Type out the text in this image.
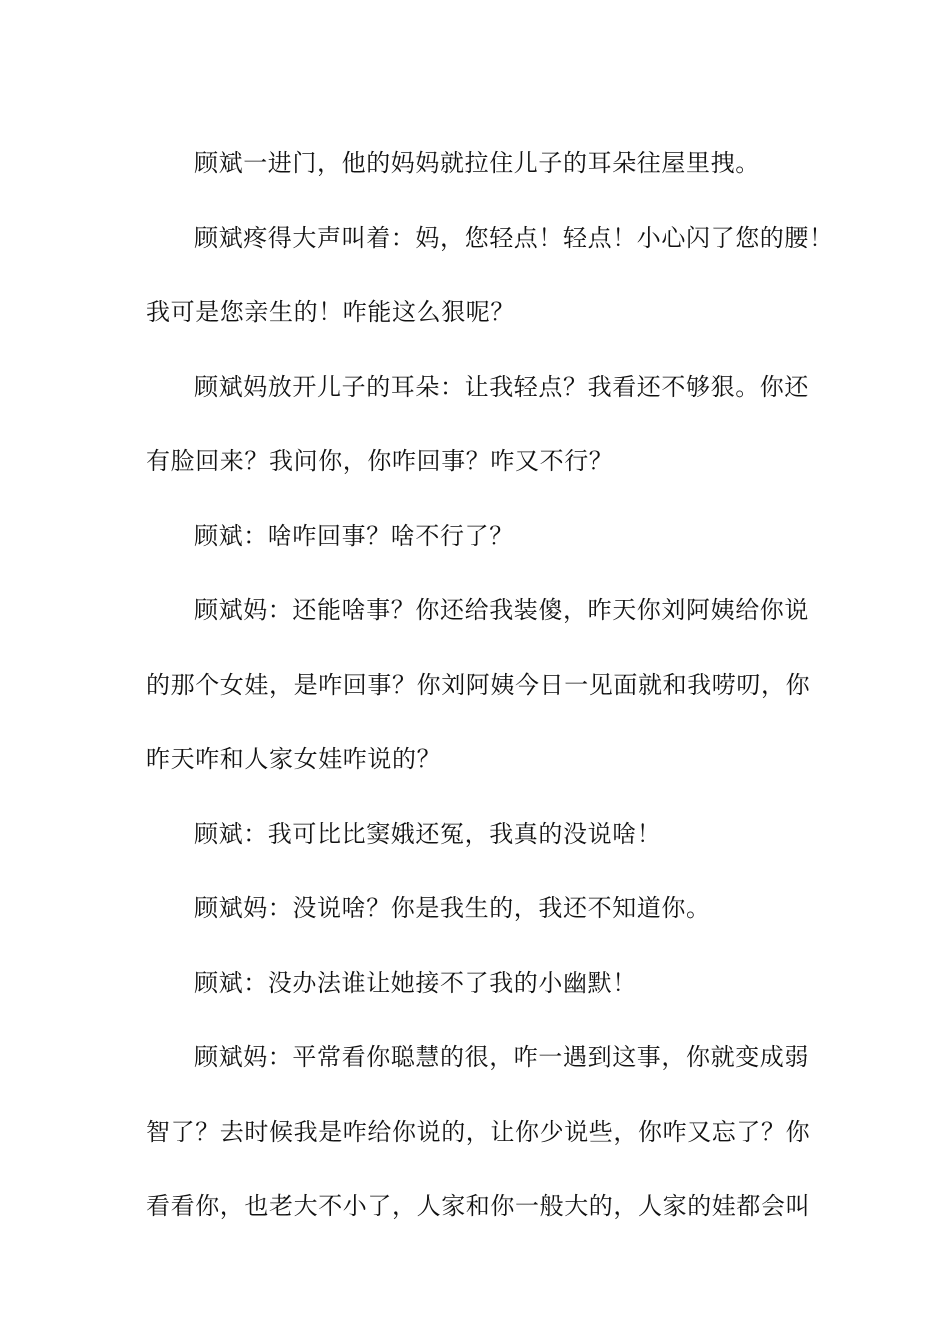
顾斌一进门，他的妈妈就拉住儿子的耳朵往屋里拽。
顾斌疼得大声叫着：妈，您轻点！轻点！小心闪了您的腰！
我可是您亲生的！咋能这么狠呢？
顾斌妈放开儿子的耳朵：让我轻点？我看还不够狠。你还
有脸回来？我问你，你咋回事？咋又不行？
顾斌：啥咋回事？啥不行了？
顾斌妈：还能啥事？你还给我装傻，昨天你刘阿姨给你说
的那个女娃，是咋回事？你刘阿姨今日一见面就和我唠叨，你
昨天咋和人家女娃咋说的？
顾斌：我可比比窦娥还冤，我真的没说啥！
顾斌妈：没说啥？你是我生的，我还不知道你。
顾斌：没办法谁让她接不了我的小幽默！
顾斌妈：平常看你聪慧的很，咋一遇到这事，你就变成弱
智了？去时候我是咋给你说的，让你少说些，你咋又忘了？你
看看你，也老大不小了，人家和你一般大的，人家的娃都会叫
